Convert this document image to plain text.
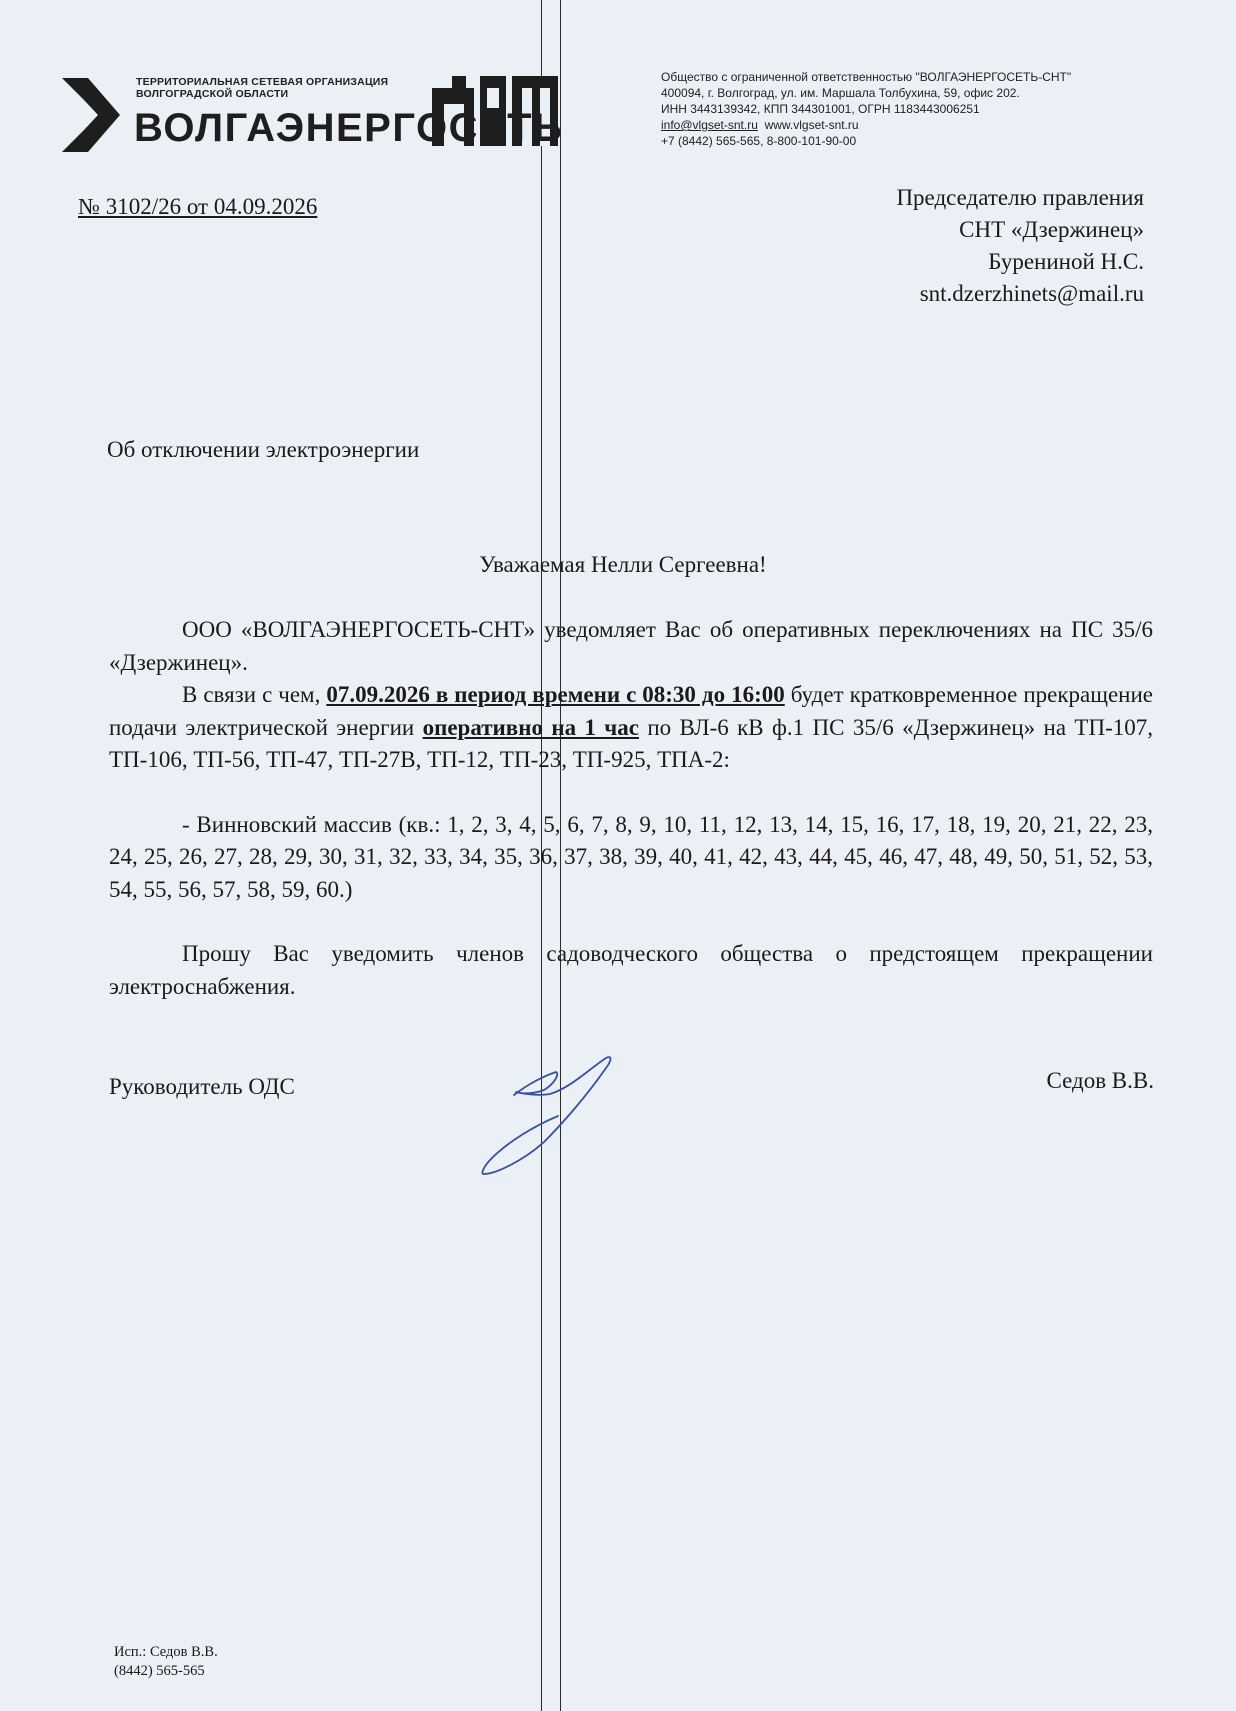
ТЕРРИТОРИАЛЬНАЯ СЕТЕВАЯ ОРГАНИЗАЦИЯ
ВОЛГОГРАДСКОЙ ОБЛАСТИ
ВОЛГАЭНЕРГОСЕТЬ
Общество с ограниченной ответственностью "ВОЛГАЭНЕРГОСЕТЬ-СНТ"
400094, г. Волгоград, ул. им. Маршала Толбухина, 59, офис 202.
ИНН 3443139342, КПП 344301001, ОГРН 1183443006251
info@vlgset-snt.ru www.vlgset-snt.ru
+7 (8442) 565-565, 8-800-101-90-00
№ 3102/26 от 04.09.2026	Председателю правления
СНТ «Дзержинец»
Бурениной Н.С.
snt.dzerzhinets@mail.ru
Об отключении электроэнергии
Уважаемая Нелли Сергеевна!

ООО «ВОЛГАЭНЕРГОСЕТЬ-СНТ» уведомляет Вас об оперативных переключениях на ПС 35/6 «Дзержинец».

В связи с чем, 07.09.2026 в период времени с 08:30 до 16:00 будет кратковременное прекращение подачи электрической энергии оперативно на 1 час по ВЛ-6 кВ ф.1 ПС 35/6 «Дзержинец» на ТП-107, ТП-106, ТП-56, ТП-47, ТП-27В, ТП-12, ТП-23, ТП-925, ТПА-2:

- Винновский массив (кв.: 1, 2, 3, 4, 5, 6, 7, 8, 9, 10, 11, 12, 13, 14, 15, 16, 17, 18, 19, 20, 21, 22, 23, 24, 25, 26, 27, 28, 29, 30, 31, 32, 33, 34, 35, 36, 37, 38, 39, 40, 41, 42, 43, 44, 45, 46, 47, 48, 49, 50, 51, 52, 53, 54, 55, 56, 57, 58, 59, 60.)

Прошу Вас уведомить членов садоводческого общества о предстоящем прекращении электроснабжения.

Руководитель ОДС	Седов В.В.
Исп.: Седов В.В.
(8442) 565-565
